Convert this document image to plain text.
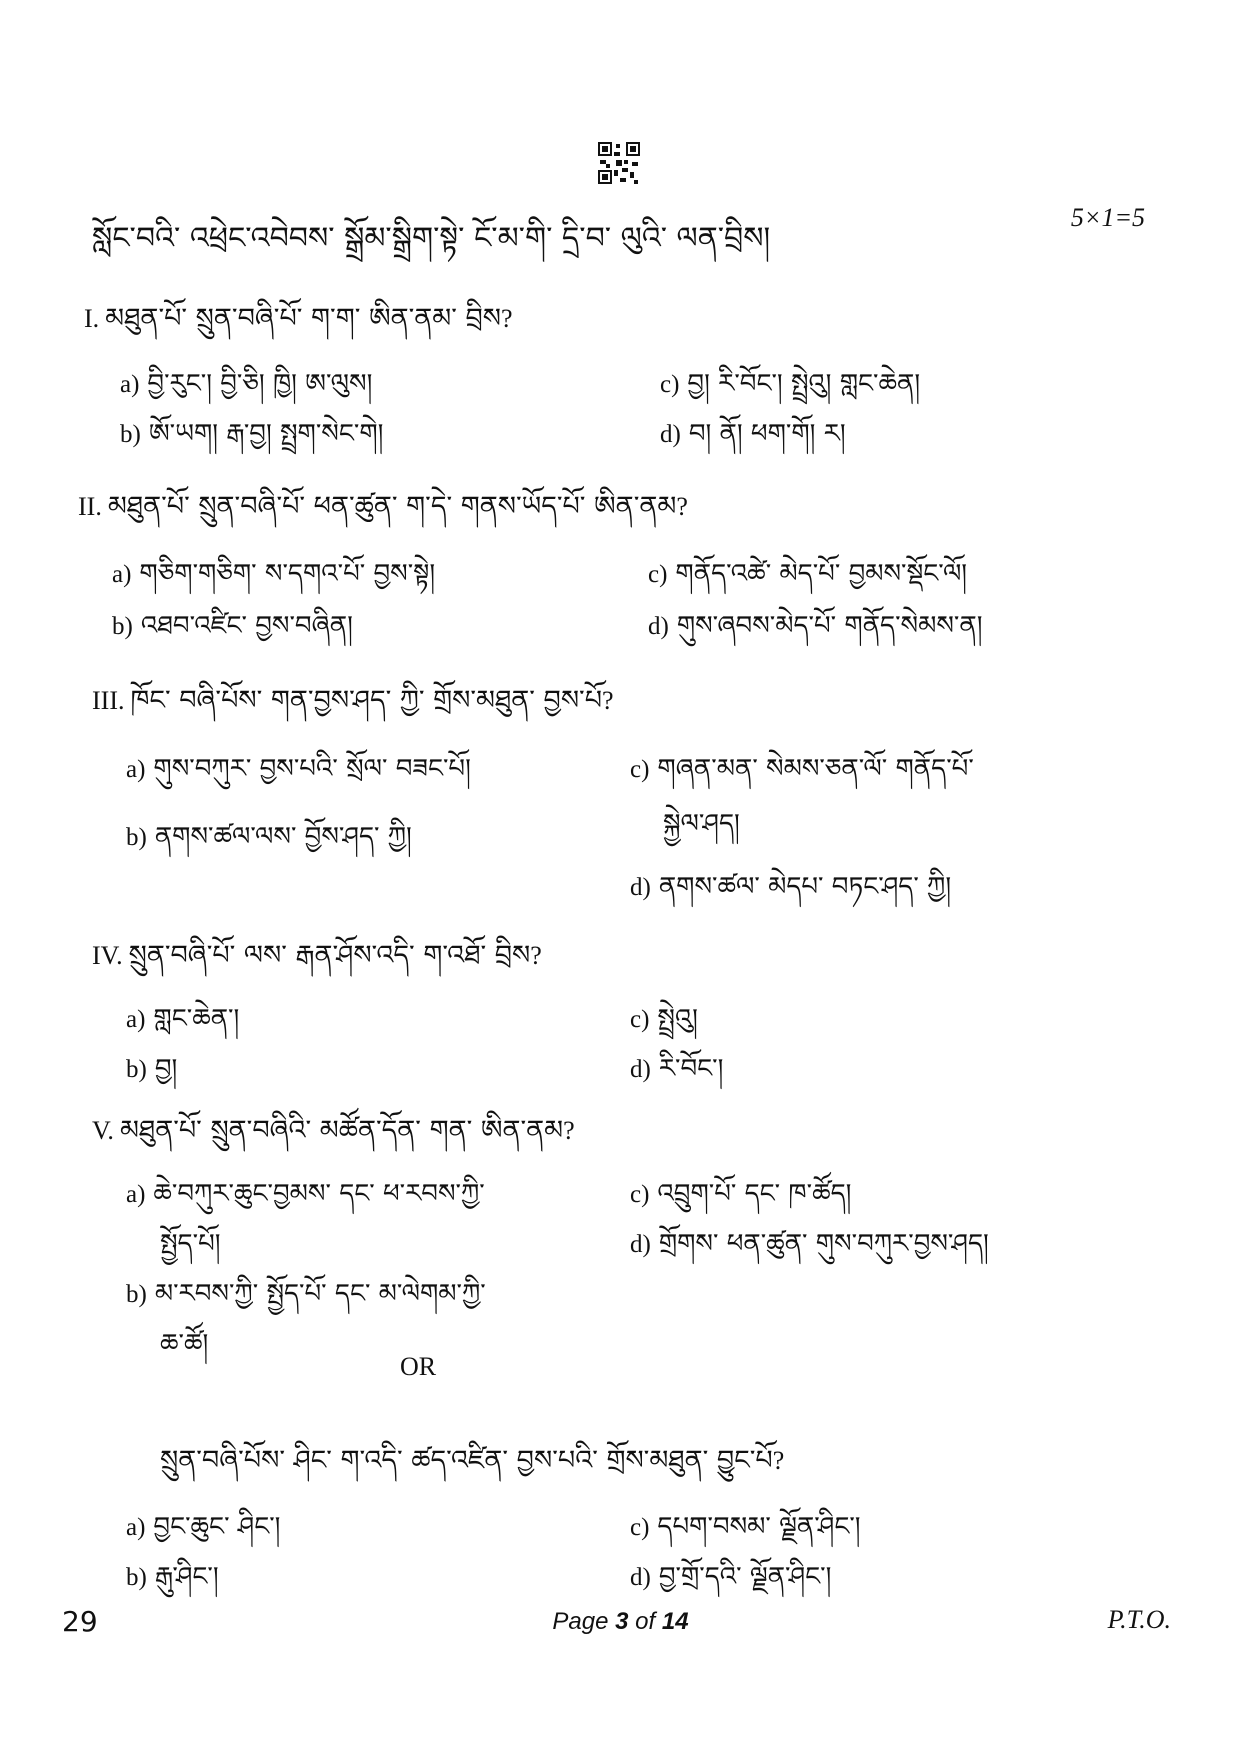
སློང་བའི་ འཕྲེང་འབེབས་ སྒྲོམ་སྒྲིག་སྟེ་ ངོ་མ་གི་ དྲི་བ་ ལུའི་ ལན་བྲིས།
5×1=5
I. མཐུན་པོ་ སྲུན་བཞི་པོ་ ག་ག་ ཨིན་ནམ་ བྲིས?
a) བྱི་རུང་། བྱི་ཅི། ཁྱི། ཨ་ལུས།
b) ཨོ་ཡག། རྒ་བྱ། སྤྲག་སེང་གེ།
c) བྱ། རི་བོང་། སྤྲེའུ། གླང་ཆེན།
d) བ། ནོ། ཕག་གོ། ར།
II. མཐུན་པོ་ སྲུན་བཞི་པོ་ ཕན་ཚུན་ ག་དེ་ གནས་ཡོད་པོ་ ཨིན་ནམ?
a) གཅིག་གཅིག་ ས་དགའ་པོ་ བྱས་སྟེ།
b) འཐབ་འཛིང་ བྱས་བཞིན།
c) གནོད་འཚེ་ མེད་པོ་ བྱམས་སྡོང་ལོ།
d) གུས་ཞབས་མེད་པོ་ གནོད་སེམས་ན།
III. ཁོང་ བཞི་པོས་ གན་བྱས་ཤད་ ཀྱི་ གྲོས་མཐུན་ བྱས་པོ?
a) གུས་བཀུར་ བྱས་པའི་ སྲོལ་ བཟང་པོ།
b) ནགས་ཚལ་ལས་ བྱོས་ཤད་ ཀྱི།
c) གཞན་མན་ སེམས་ཅན་ལོ་ གནོད་པོ་
སྐྱེལ་ཤད།
d) ནགས་ཚལ་ མེདཔ་ བཏང་ཤད་ ཀྱི།
IV. སྲུན་བཞི་པོ་ ལས་ རྒན་ཤོས་འདི་ ག་འཐོ་ བྲིས?
a) གླང་ཆེན་།
b) བྱ།
c) སྤྲེའུ།
d) རི་བོང་།
V. མཐུན་པོ་ སྲུན་བཞིའི་ མཚོན་དོན་ གན་ ཨིན་ནམ?
a) ཆེ་བཀུར་ཆུང་བྱམས་ དང་ ཕ་རབས་ཀྱི་
སྤྱོད་པོ།
b) མ་རབས་ཀྱི་ སྤྱོད་པོ་ དང་ མ་ལེགམ་ཀྱི་
ཆ་ཚོ།
c) འབྲུག་པོ་ དང་ ཁ་ཚོད།
d) གྲོགས་ ཕན་ཚུན་ གུས་བཀུར་བྱས་ཤད།
OR
སྲུན་བཞི་པོས་ ཤིང་ ག་འདི་ ཚད་འཛིན་ བྱས་པའི་ གྲོས་མཐུན་ བྱུང་པོ?
a) བྱང་ཆུང་ ཤིང་།
b) རྒུ་ཤིང་།
c) དཔག་བསམ་ ལྗོན་ཤིང་།
d) བྱ་གྲོ་དའི་ ལྗོན་ཤིང་།
29	Page 3 of 14	P.T.O.
